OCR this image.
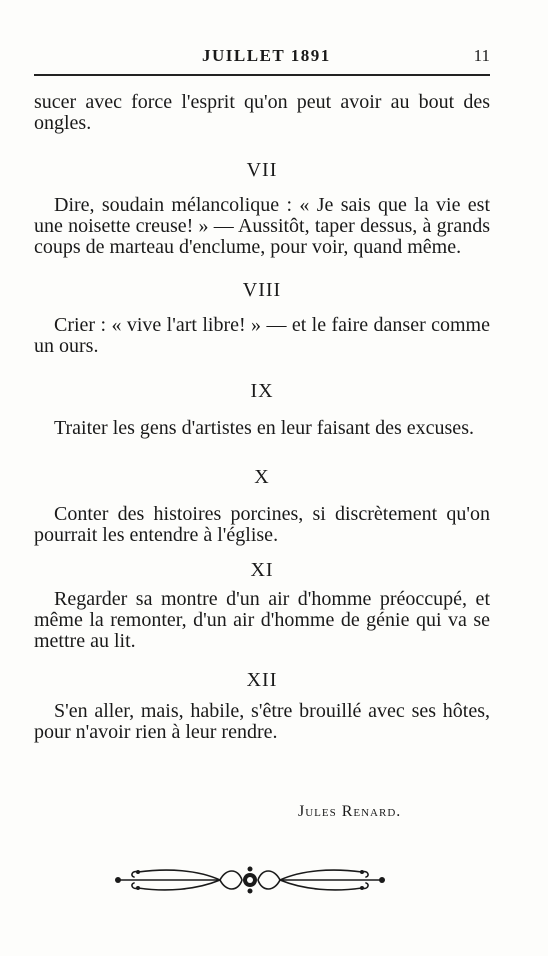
JUILLET 1891	11

sucer avec force l'esprit qu'on peut avoir au bout des ongles.

VII

Dire, soudain mélancolique : « Je sais que la vie est une noisette creuse! » — Aussitôt, taper dessus, à grands coups de marteau d'enclume, pour voir, quand même.

VIII

Crier : « vive l'art libre! » — et le faire danser comme un ours.

IX

Traiter les gens d'artistes en leur faisant des excuses.

X

Conter des histoires porcines, si discrètement qu'on pourrait les entendre à l'église.

XI

Regarder sa montre d'un air d'homme préoccupé, et même la remonter, d'un air d'homme de génie qui va se mettre au lit.

XII

S'en aller, mais, habile, s'être brouillé avec ses hôtes, pour n'avoir rien à leur rendre.

Jules Renard.
